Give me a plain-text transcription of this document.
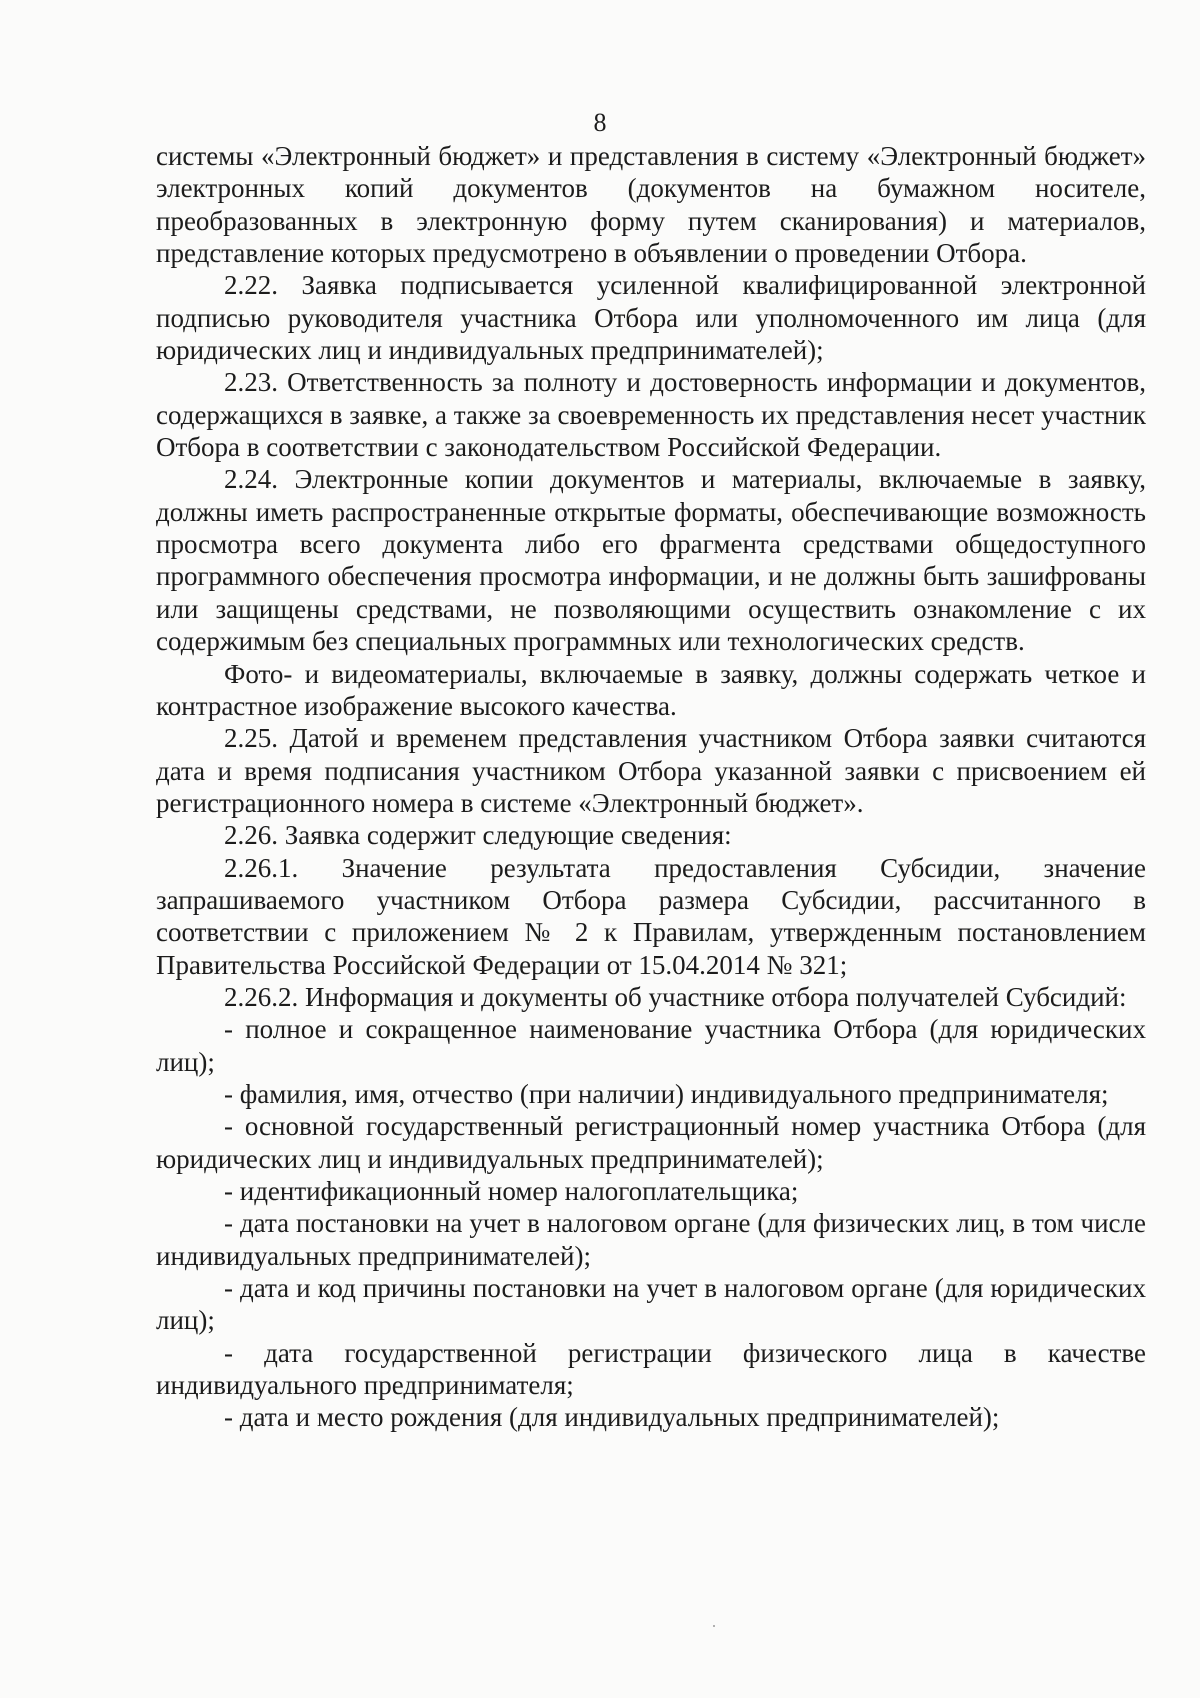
8

системы «Электронный бюджет» и представления в систему «Электронный бюджет» электронных копий документов (документов на бумажном носителе, преобразованных в электронную форму путем сканирования) и материалов, представление которых предусмотрено в объявлении о проведении Отбора.

2.22. Заявка подписывается усиленной квалифицированной электронной подписью руководителя участника Отбора или уполномоченного им лица (для юридических лиц и индивидуальных предпринимателей);

2.23. Ответственность за полноту и достоверность информации и документов, содержащихся в заявке, а также за своевременность их представления несет участник Отбора в соответствии с законодательством Российской Федерации.

2.24. Электронные копии документов и материалы, включаемые в заявку, должны иметь распространенные открытые форматы, обеспечивающие возможность просмотра всего документа либо его фрагмента средствами общедоступного программного обеспечения просмотра информации, и не должны быть зашифрованы или защищены средствами, не позволяющими осуществить ознакомление с их содержимым без специальных программных или технологических средств.

Фото- и видеоматериалы, включаемые в заявку, должны содержать четкое и контрастное изображение высокого качества.

2.25. Датой и временем представления участником Отбора заявки считаются дата и время подписания участником Отбора указанной заявки с присвоением ей регистрационного номера в системе «Электронный бюджет».

2.26. Заявка содержит следующие сведения:

2.26.1. Значение результата предоставления Субсидии, значение запрашиваемого участником Отбора размера Субсидии, рассчитанного в соответствии с приложением № 2 к Правилам, утвержденным постановлением Правительства Российской Федерации от 15.04.2014 № 321;

2.26.2. Информация и документы об участнике отбора получателей Субсидий:

- полное и сокращенное наименование участника Отбора (для юридических лиц);

- фамилия, имя, отчество (при наличии) индивидуального предпринимателя;

- основной государственный регистрационный номер участника Отбора (для юридических лиц и индивидуальных предпринимателей);

- идентификационный номер налогоплательщика;

- дата постановки на учет в налоговом органе (для физических лиц, в том числе индивидуальных предпринимателей);

- дата и код причины постановки на учет в налоговом органе (для юридических лиц);

- дата государственной регистрации физического лица в качестве индивидуального предпринимателя;

- дата и место рождения (для индивидуальных предпринимателей);
